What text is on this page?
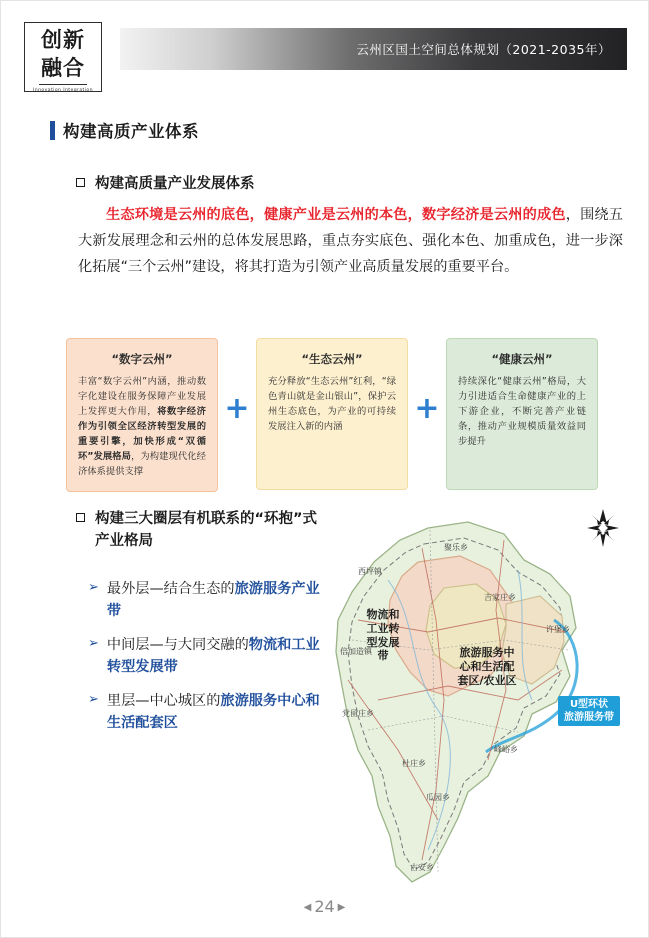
云州区国土空间总体规划（2021-2035年）
创新
融合
Innovation Integration
构建高质产业体系
构建高质量产业发展体系
生态环境是云州的底色，健康产业是云州的本色，数字经济是云州的成色，围绕五大新发展理念和云州的总体发展思路，重点夯实底色、强化本色、加重成色，进一步深化拓展“三个云州”建设，将其打造为引领产业高质量发展的重要平台。
“数字云州”
丰富“数字云州”内涵，推动数字化建设在服务保障产业发展上发挥更大作用，将数字经济作为引领全区经济转型发展的重要引擎，加快形成“双循环”发展格局，为构建现代化经济体系提供支撑
+
“生态云州”
充分释放“生态云州”红利，“绿色青山就是金山银山”，保护云州生态底色，为产业的可持续发展注入新的内涵
+
“健康云州”
持续深化“健康云州”格局，大力引进适合生命健康产业的上下游企业，不断完善产业链条，推动产业规模质量效益同步提升
构建三大圈层有机联系的“环抱”式产业格局
➢ 最外层—结合生态的旅游服务产业带
➢ 中间层—与大同交融的物流和工业转型发展带
➢ 里层—中心城区的旅游服务中心和生活配套区
物流和
工业转
型发展
带	旅游服务中
心和生活配
套区/农业区
U型环状
旅游服务带
聚乐乡
西坪镇
吉家庄乡
许堡乡
倍加造镇
党留庄乡
杜庄乡
峰峪乡
瓜园乡
古安乡
◀ 24 ▶
